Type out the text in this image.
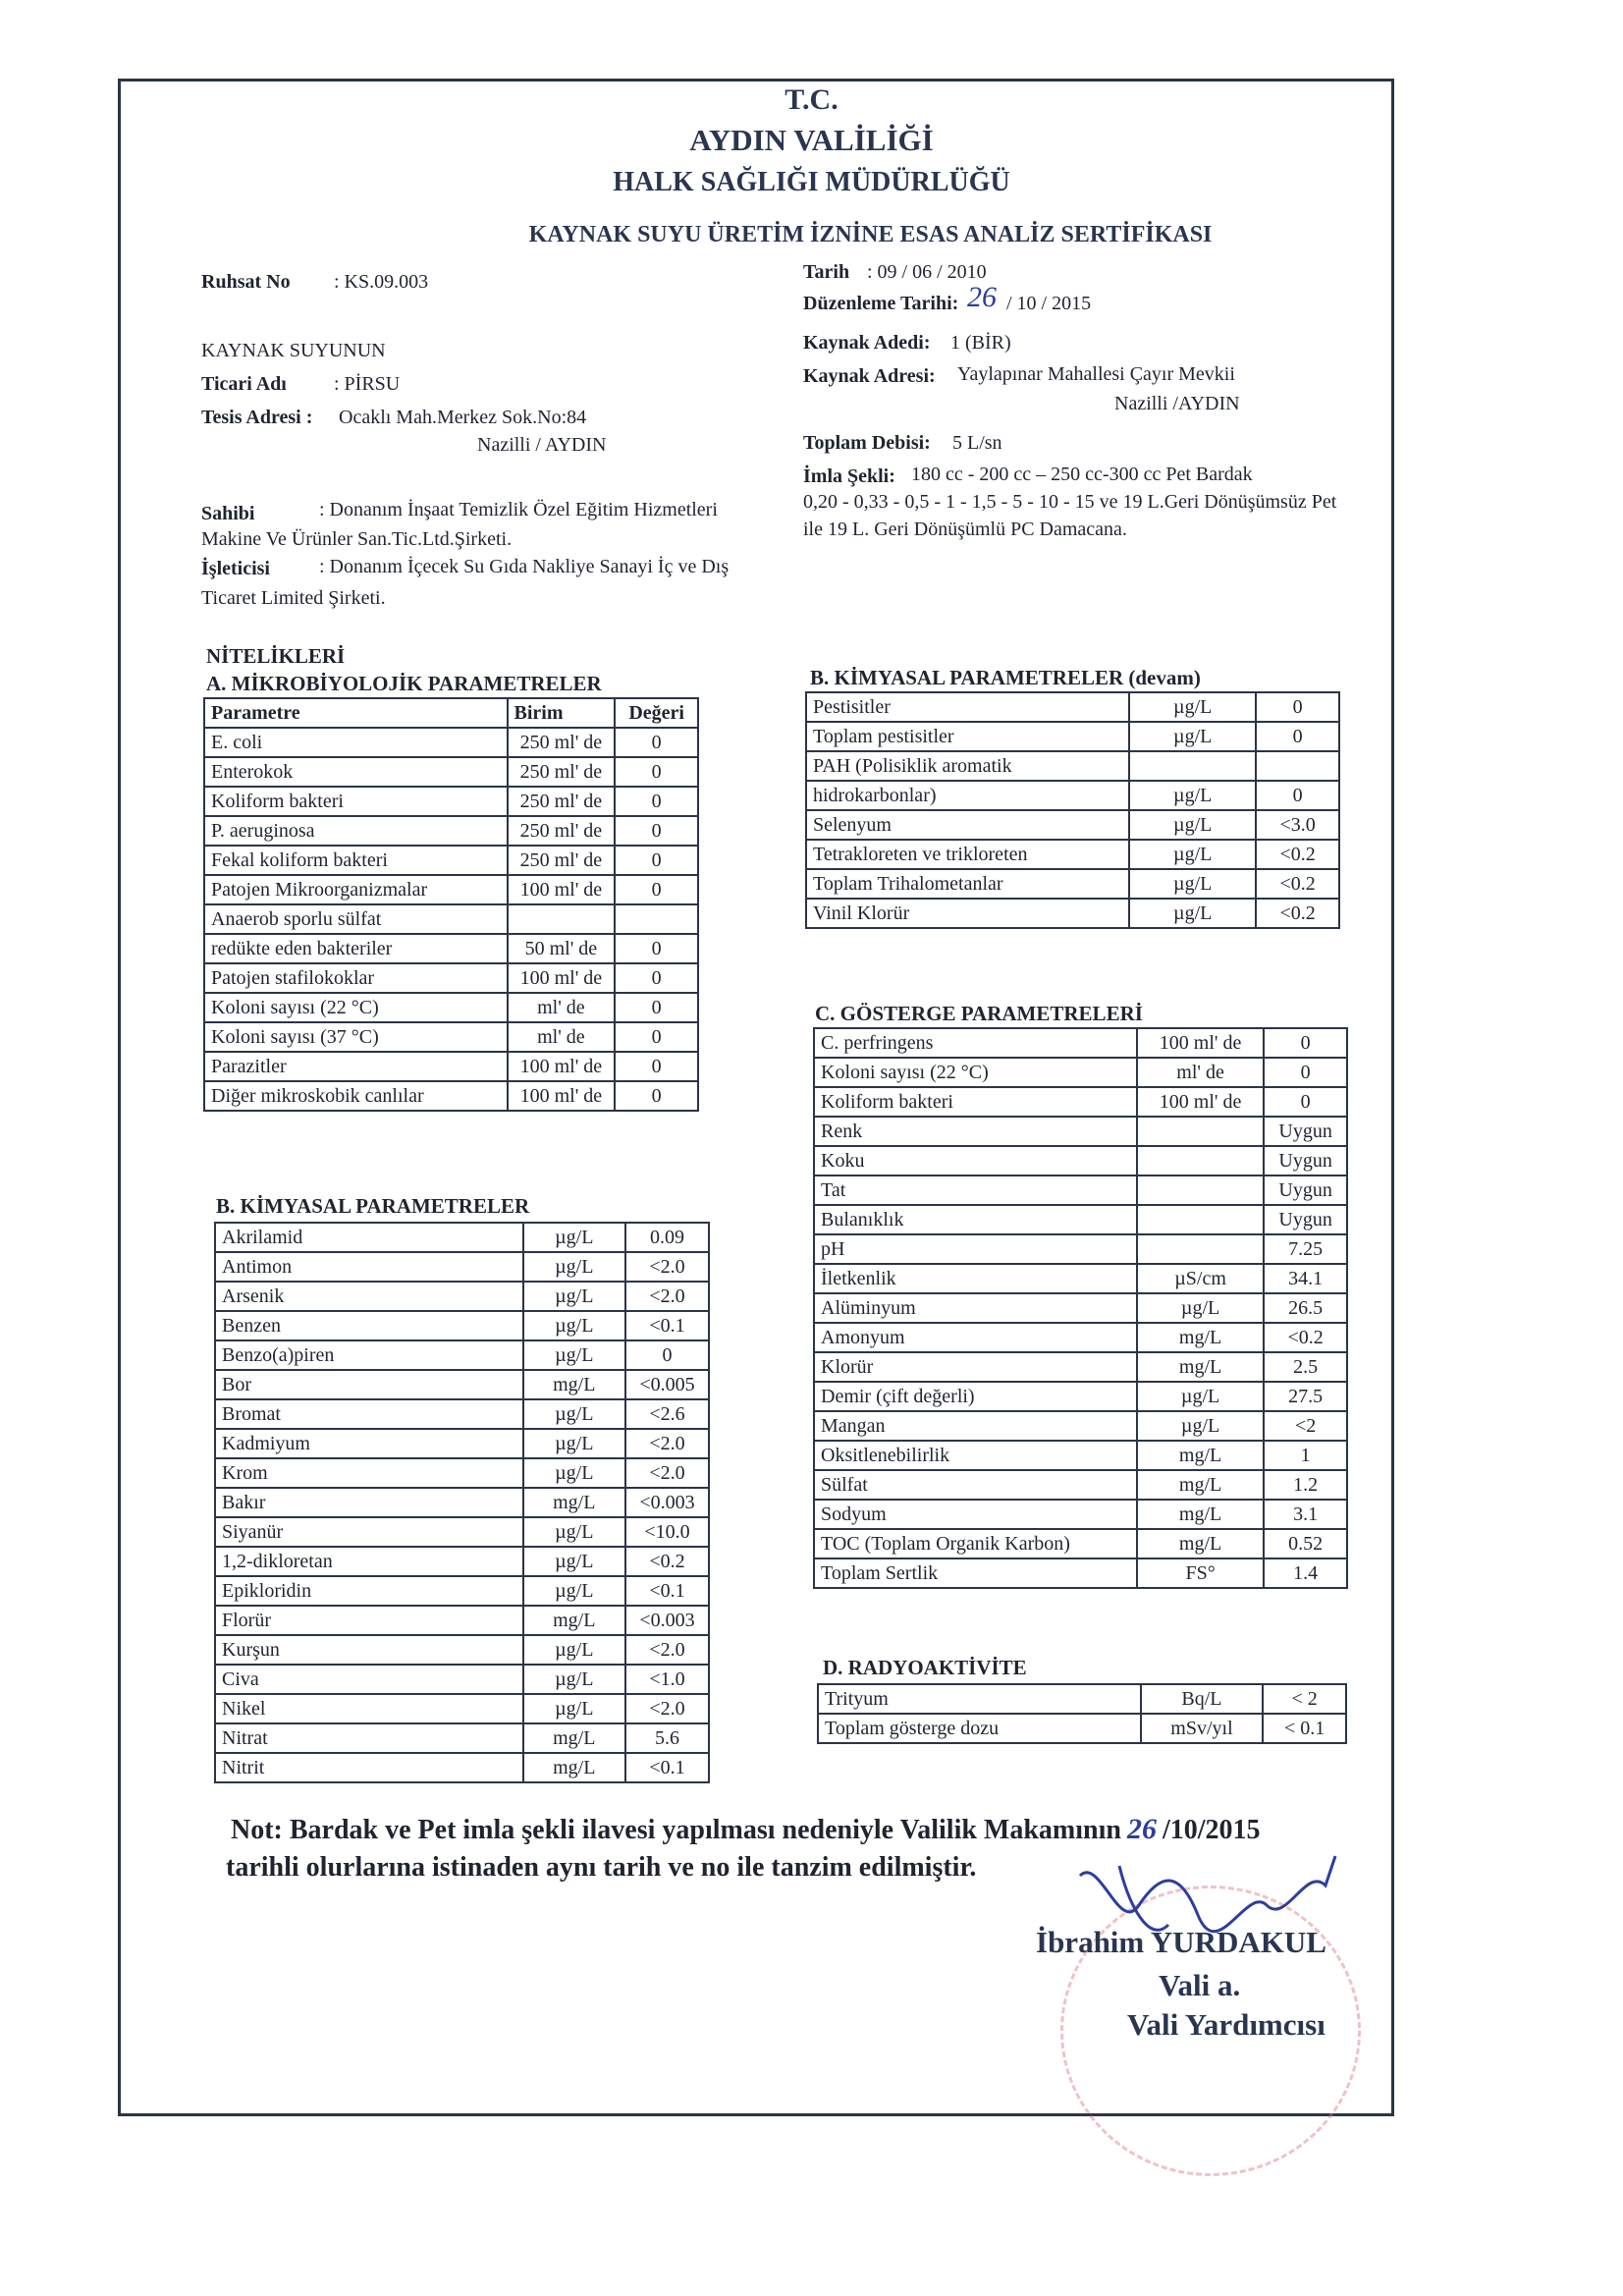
T.C.
AYDIN VALİLİĞİ
HALK SAĞLIĞI MÜDÜRLÜĞÜ
KAYNAK SUYU ÜRETİM İZNİNE ESAS ANALİZ SERTİFİKASI
Ruhsat No : KS.09.003
KAYNAK SUYUNUN
Ticari Adı : PİRSU
Tesis Adresi : Ocaklı Mah.Merkez Sok.No:84
Nazilli / AYDIN
Sahibi	: Donanım İnşaat Temizlik Özel Eğitim Hizmetleri
Makine Ve Ürünler San.Tic.Ltd.Şirketi.
İşleticisi	: Donanım İçecek Su Gıda Nakliye Sanayi İç ve Dış
Ticaret Limited Şirketi.
Tarih : 09 / 06 / 2010
Düzenleme Tarihi: 26 / 10 / 2015
Kaynak Adedi: 1 (BİR)
Kaynak Adresi: Yaylapınar Mahallesi Çayır Mevkii
Nazilli /AYDIN
Toplam Debisi: 5 L/sn
İmla Şekli: 180 cc - 200 cc – 250 cc-300 cc Pet Bardak
0,20 - 0,33 - 0,5 - 1 - 1,5 - 5 - 10 - 15 ve 19 L.Geri Dönüşümsüz Pet
ile 19 L. Geri Dönüşümlü PC Damacana.
NİTELİKLERİ
A. MİKROBİYOLOJİK PARAMETRELER	B. KİMYASAL PARAMETRELER (devam)
B. KİMYASAL PARAMETRELER
C. GÖSTERGE PARAMETRELERİ
D. RADYOAKTİVİTE
Parametre	Birim	Değeri
E. coli	250 ml' de	0
Enterokok	250 ml' de	0
Koliform bakteri	250 ml' de	0
P. aeruginosa	250 ml' de	0
Fekal koliform bakteri	250 ml' de	0
Patojen Mikroorganizmalar	100 ml' de	0
Anaerob sporlu sülfat		
redükte eden bakteriler	50 ml' de	0
Patojen stafilokoklar	100 ml' de	0
Koloni sayısı (22 °C)	ml' de	0
Koloni sayısı (37 °C)	ml' de	0
Parazitler	100 ml' de	0
Diğer mikroskobik canlılar	100 ml' de	0
Akrilamid	µg/L	0.09
Antimon	µg/L	<2.0
Arsenik	µg/L	<2.0
Benzen	µg/L	<0.1
Benzo(a)piren	µg/L	0
Bor	mg/L	<0.005
Bromat	µg/L	<2.6
Kadmiyum	µg/L	<2.0
Krom	µg/L	<2.0
Bakır	mg/L	<0.003
Siyanür	µg/L	<10.0
1,2-dikloretan	µg/L	<0.2
Epikloridin	µg/L	<0.1
Florür	mg/L	<0.003
Kurşun	µg/L	<2.0
Civa	µg/L	<1.0
Nikel	µg/L	<2.0
Nitrat	mg/L	5.6
Nitrit	mg/L	<0.1
Pestisitler	µg/L	0
Toplam pestisitler	µg/L	0
PAH (Polisiklik aromatik		
hidrokarbonlar)	µg/L	0
Selenyum	µg/L	<3.0
Tetrakloreten ve trikloreten	µg/L	<0.2
Toplam Trihalometanlar	µg/L	<0.2
Vinil Klorür	µg/L	<0.2
C. perfringens	100 ml' de	0
Koloni sayısı (22 °C)	ml' de	0
Koliform bakteri	100 ml' de	0
Renk		Uygun
Koku		Uygun
Tat		Uygun
Bulanıklık		Uygun
pH		7.25
İletkenlik	µS/cm	34.1
Alüminyum	µg/L	26.5
Amonyum	mg/L	<0.2
Klorür	mg/L	2.5
Demir (çift değerli)	µg/L	27.5
Mangan	µg/L	<2
Oksitlenebilirlik	mg/L	1
Sülfat	mg/L	1.2
Sodyum	mg/L	3.1
TOC (Toplam Organik Karbon)	mg/L	0.52
Toplam Sertlik	FS°	1.4
Trityum	Bq/L	< 2
Toplam gösterge dozu	mSv/yıl	< 0.1
Not: Bardak ve Pet imla şekli ilavesi yapılması nedeniyle Valilik Makamının 26 /10/2015
tarihli olurlarına istinaden aynı tarih ve no ile tanzim edilmiştir.
İbrahim YURDAKUL
Vali a.
Vali Yardımcısı
